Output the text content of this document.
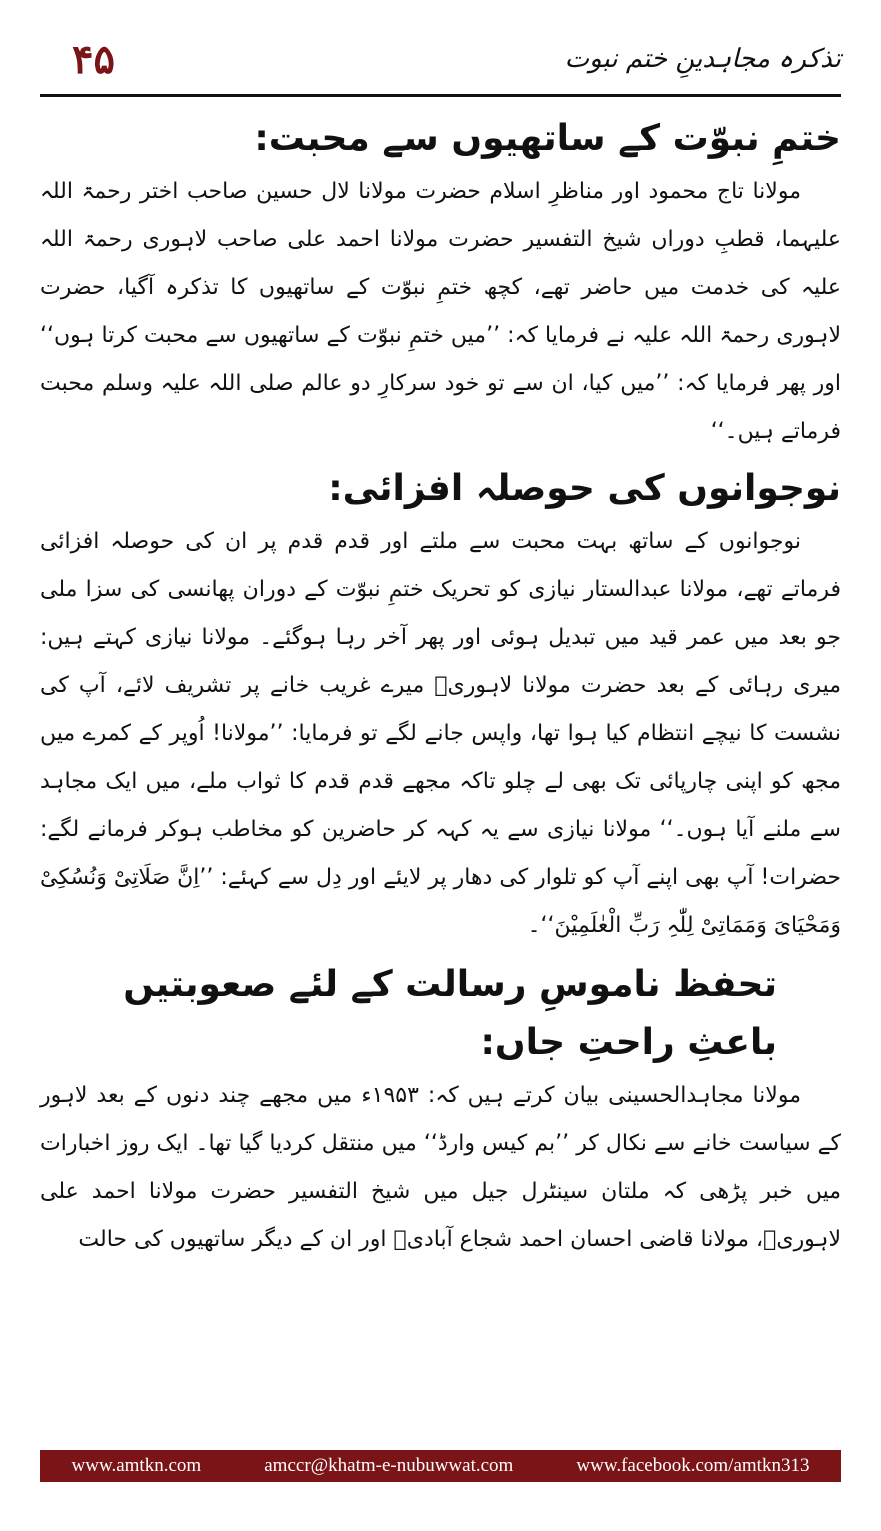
۴۵	تذکرہ مجاہدینِ ختم نبوت
ختمِ نبوّت کے ساتھیوں سے محبت:

مولانا تاج محمود اور مناظرِ اسلام حضرت مولانا لال حسین صاحب اختر رحمۃ اللہ علیہما، قطبِ دوراں شیخ التفسیر حضرت مولانا احمد علی صاحب لاہوری رحمۃ اللہ علیہ کی خدمت میں حاضر تھے، کچھ ختمِ نبوّت کے ساتھیوں کا تذکرہ آگیا، حضرت لاہوری رحمۃ اللہ علیہ نے فرمایا کہ: ’’میں ختمِ نبوّت کے ساتھیوں سے محبت کرتا ہوں‘‘ اور پھر فرمایا کہ: ’’میں کیا، ان سے تو خود سرکارِ دو عالم صلی اللہ علیہ وسلم محبت فرماتے ہیں۔‘‘

نوجوانوں کی حوصلہ افزائی:

نوجوانوں کے ساتھ بہت محبت سے ملتے اور قدم قدم پر ان کی حوصلہ افزائی فرماتے تھے، مولانا عبدالستار نیازی کو تحریک ختمِ نبوّت کے دوران پھانسی کی سزا ملی جو بعد میں عمر قید میں تبدیل ہوئی اور پھر آخر رہا ہوگئے۔ مولانا نیازی کہتے ہیں: میری رہائی کے بعد حضرت مولانا لاہوریؒ میرے غریب خانے پر تشریف لائے، آپ کی نشست کا نیچے انتظام کیا ہوا تھا، واپس جانے لگے تو فرمایا: ’’مولانا! اُوپر کے کمرے میں مجھ کو اپنی چارپائی تک بھی لے چلو تاکہ مجھے قدم قدم کا ثواب ملے، میں ایک مجاہد سے ملنے آیا ہوں۔‘‘ مولانا نیازی سے یہ کہہ کر حاضرین کو مخاطب ہوکر فرمانے لگے: حضرات! آپ بھی اپنے آپ کو تلوار کی دھار پر لایئے اور دِل سے کہئے: ’’اِنَّ صَلَاتِیْ وَنُسُکِیْ وَمَحْیَایَ وَمَمَاتِیْ لِلّٰہِ رَبِّ الْعٰلَمِیْنَ‘‘۔

تحفظ ناموسِ رسالت کے لئے صعوبتیں باعثِ راحتِ جاں:

مولانا مجاہدالحسینی بیان کرتے ہیں کہ: ۱۹۵۳ء میں مجھے چند دنوں کے بعد لاہور کے سیاست خانے سے نکال کر ’’بم کیس وارڈ‘‘ میں منتقل کردیا گیا تھا۔ ایک روز اخبارات میں خبر پڑھی کہ ملتان سینٹرل جیل میں شیخ التفسیر حضرت مولانا احمد علی لاہوریؒ، مولانا قاضی احسان احمد شجاع آبادیؒ اور ان کے دیگر ساتھیوں کی حالت

www.amtkn.com	amccr@khatm-e-nubuwwat.com	www.facebook.com/amtkn313
